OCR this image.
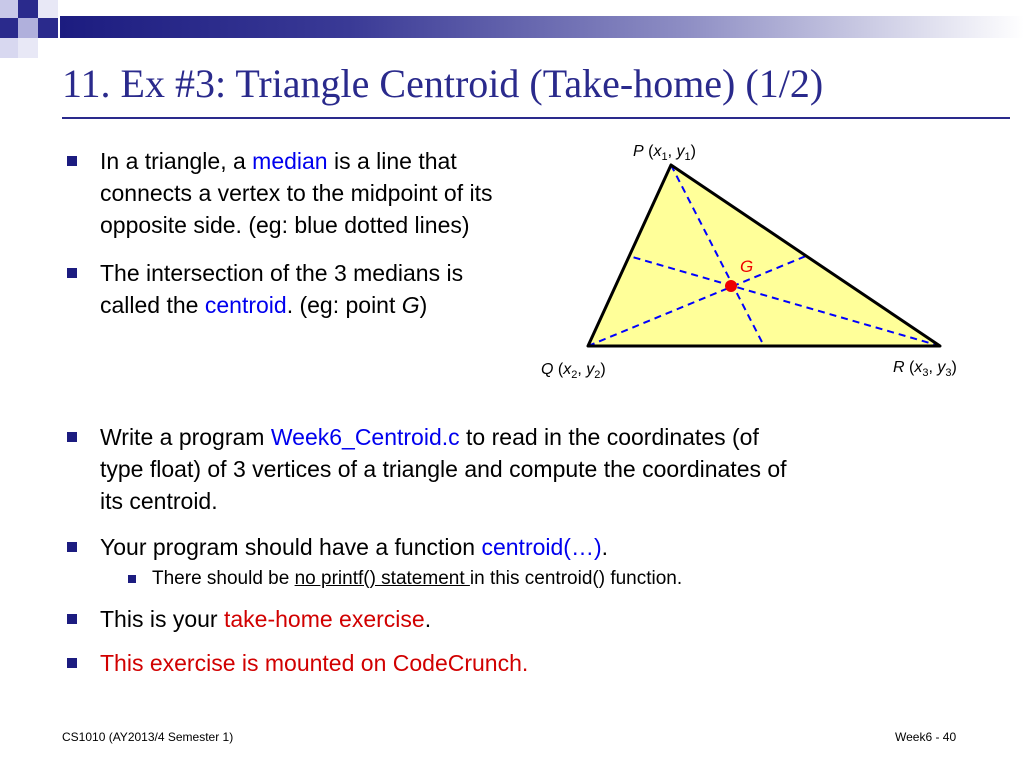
11. Ex #3: Triangle Centroid (Take-home) (1/2)
In a triangle, a median is a line that
connects a vertex to the midpoint of its
opposite side. (eg: blue dotted lines)
The intersection of the 3 medians is
called the centroid. (eg: point G)
G
P ($x_1$, $y_1$)
Q ($x_2$, $y_2$)	R ($x_3$, $y_3$)
Write a program Week6_Centroid.c to read in the coordinates (of
type float) of 3 vertices of a triangle and compute the coordinates of
its centroid.
Your program should have a function centroid(…).
There should be no printf() statement in this centroid() function.
This is your take-home exercise.
This exercise is mounted on CodeCrunch.
CS1010 (AY2013/4 Semester 1)	Week6 - 40
